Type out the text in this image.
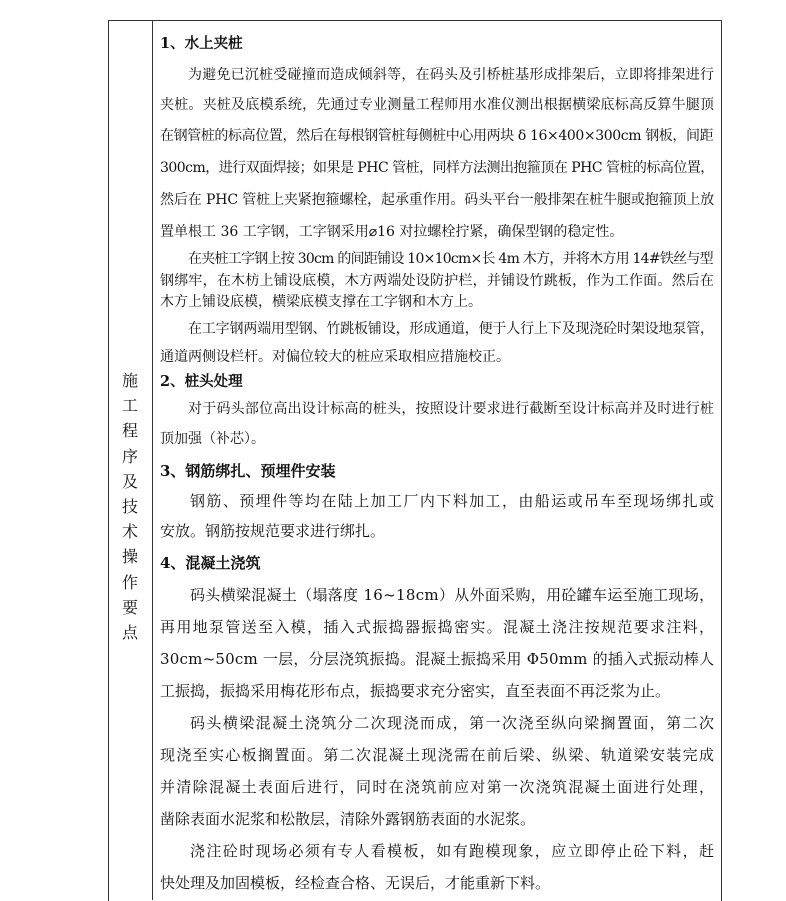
施
工
程
序
及
技
术
操
作
要
点
1、水上夹桩
为避免已沉桩受碰撞而造成倾斜等，在码头及引桥桩基形成排架后，立即将排架进行
夹桩。夹桩及底模系统，先通过专业测量工程师用水准仪测出根据横梁底标高反算牛腿顶
在钢管桩的标高位置，然后在每根钢管桩每侧桩中心用两块 δ 16×400×300cm 钢板，间距
300cm，进行双面焊接；如果是 PHC 管桩，同样方法测出抱箍顶在 PHC 管桩的标高位置，
然后在 PHC 管桩上夹紧抱箍螺栓，起承重作用。码头平台一般排架在桩牛腿或抱箍顶上放
置单根工 36 工字钢，工字钢采用⌀16 对拉螺栓拧紧，确保型钢的稳定性。
在夹桩工字钢上按 30cm 的间距铺设 10×10cm×长 4m 木方，并将木方用 14#铁丝与型
钢绑牢，在木枋上铺设底模，木方两端处设防护栏，并铺设竹跳板，作为工作面。然后在
木方上铺设底模，横梁底模支撑在工字钢和木方上。
在工字钢两端用型钢、竹跳板铺设，形成通道，便于人行上下及现浇砼时架设地泵管，
通道两侧设栏杆。对偏位较大的桩应采取相应措施校正。
2、桩头处理
对于码头部位高出设计标高的桩头，按照设计要求进行截断至设计标高并及时进行桩
顶加强（补芯）。
3、钢筋绑扎、预埋件安装
钢筋、预埋件等均在陆上加工厂内下料加工，由船运或吊车至现场绑扎或
安放。钢筋按规范要求进行绑扎。
4、混凝土浇筑
码头横梁混凝土（塌落度 16~18cm）从外面采购，用砼罐车运至施工现场，
再用地泵管送至入模，插入式振捣器振捣密实。混凝土浇注按规范要求注料，
30cm~50cm 一层，分层浇筑振捣。混凝土振捣采用 Φ50mm 的插入式振动棒人
工振捣，振捣采用梅花形布点，振捣要求充分密实，直至表面不再泛浆为止。
码头横梁混凝土浇筑分二次现浇而成，第一次浇至纵向梁搁置面，第二次
现浇至实心板搁置面。第二次混凝土现浇需在前后梁、纵梁、轨道梁安装完成
并清除混凝土表面后进行，同时在浇筑前应对第一次浇筑混凝土面进行处理，
凿除表面水泥浆和松散层，清除外露钢筋表面的水泥浆。
浇注砼时现场必须有专人看模板，如有跑模现象，应立即停止砼下料，赶
快处理及加固模板，经检查合格、无误后，才能重新下料。
